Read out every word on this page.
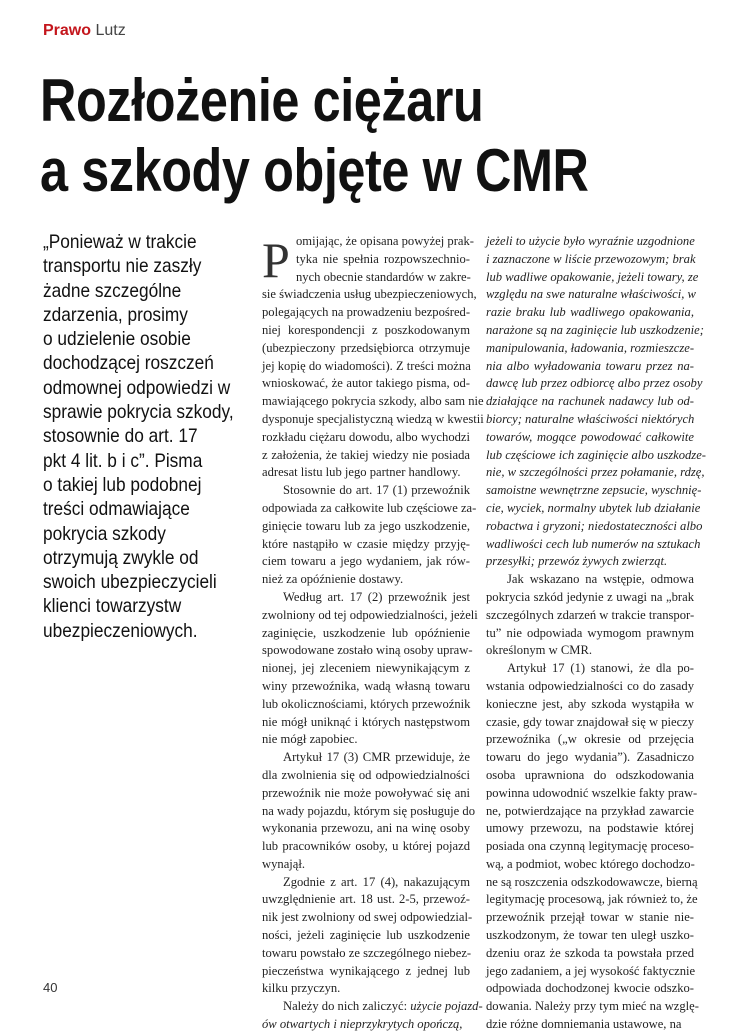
Prawo Lutz
Rozłożenie ciężaru
a szkody objęte w CMR
„Ponieważ w trakcie
transportu nie zaszły
żadne szczególne
zdarzenia, prosimy
o udzielenie osobie
dochodzącej roszczeń
odmownej odpowiedzi w
sprawie pokrycia szkody,
stosownie do art. 17
pkt 4 lit. b i c”. Pisma
o takiej lub podobnej
treści odmawiające
pokrycia szkody
otrzymują zwykle od
swoich ubezpieczycieli
klienci towarzystw
ubezpieczeniowych.
P omijając, że opisana powyżej prak-
tyka nie spełnia rozpowszechnio-
nych obecnie standardów w zakre-
sie świadczenia usług ubezpieczeniowych,
polegających na prowadzeniu bezpośred-
niej korespondencji z poszkodowanym
(ubezpieczony przedsiębiorca otrzymuje
jej kopię do wiadomości). Z treści można
wnioskować, że autor takiego pisma, od-
mawiającego pokrycia szkody, albo sam nie
dysponuje specjalistyczną wiedzą w kwestii
rozkładu ciężaru dowodu, albo wychodzi
z założenia, że takiej wiedzy nie posiada
adresat listu lub jego partner handlowy.
Stosownie do art. 17 (1) przewoźnik
odpowiada za całkowite lub częściowe za-
ginięcie towaru lub za jego uszkodzenie,
które nastąpiło w czasie między przyję-
ciem towaru a jego wydaniem, jak rów-
nież za opóźnienie dostawy.
Według art. 17 (2) przewoźnik jest
zwolniony od tej odpowiedzialności, jeżeli
zaginięcie, uszkodzenie lub opóźnienie
spowodowane zostało winą osoby upraw-
nionej, jej zleceniem niewynikającym z
winy przewoźnika, wadą własną towaru
lub okolicznościami, których przewoźnik
nie mógł uniknąć i których następstwom
nie mógł zapobiec.
Artykuł 17 (3) CMR przewiduje, że
dla zwolnienia się od odpowiedzialności
przewoźnik nie może powoływać się ani
na wady pojazdu, którym się posługuje do
wykonania przewozu, ani na winę osoby
lub pracowników osoby, u której pojazd
wynajął.
Zgodnie z art. 17 (4), nakazującym
uwzględnienie art. 18 ust. 2-5, przewoź-
nik jest zwolniony od swej odpowiedzial-
ności, jeżeli zaginięcie lub uszkodzenie
towaru powstało ze szczególnego niebez-
pieczeństwa wynikającego z jednej lub
kilku przyczyn.
Należy do nich zaliczyć: użycie pojazd-
ów otwartych i nieprzykrytych opończą,
jeżeli to użycie było wyraźnie uzgodnione
i zaznaczone w liście przewozowym; brak
lub wadliwe opakowanie, jeżeli towary, ze
względu na swe naturalne właściwości, w
razie braku lub wadliwego opakowania,
narażone są na zaginięcie lub uszkodzenie;
manipulowania, ładowania, rozmieszcze-
nia albo wyładowania towaru przez na-
dawcę lub przez odbiorcę albo przez osoby
działające na rachunek nadawcy lub od-
biorcy; naturalne właściwości niektórych
towarów, mogące powodować całkowite
lub częściowe ich zaginięcie albo uszkodze-
nie, w szczególności przez połamanie, rdzę,
samoistne wewnętrzne zepsucie, wyschnię-
cie, wyciek, normalny ubytek lub działanie
robactwa i gryzoni; niedostateczności albo
wadliwości cech lub numerów na sztukach
przesyłki; przewóz żywych zwierząt.
Jak wskazano na wstępie, odmowa
pokrycia szkód jedynie z uwagi na „brak
szczególnych zdarzeń w trakcie transpor-
tu” nie odpowiada wymogom prawnym
określonym w CMR.
Artykuł 17 (1) stanowi, że dla po-
wstania odpowiedzialności co do zasady
konieczne jest, aby szkoda wystąpiła w
czasie, gdy towar znajdował się w pieczy
przewoźnika („w okresie od przejęcia
towaru do jego wydania”). Zasadniczo
osoba uprawniona do odszkodowania
powinna udowodnić wszelkie fakty praw-
ne, potwierdzające na przykład zawarcie
umowy przewozu, na podstawie której
posiada ona czynną legitymację proceso-
wą, a podmiot, wobec którego dochodzo-
ne są roszczenia odszkodowawcze, bierną
legitymację procesową, jak również to, że
przewoźnik przejął towar w stanie nie-
uszkodzonym, że towar ten uległ uszko-
dzeniu oraz że szkoda ta powstała przed
jego zadaniem, a jej wysokość faktycznie
odpowiada dochodzonej kwocie odszko-
dowania. Należy przy tym mieć na wzglę-
dzie różne domniemania ustawowe, na
40
